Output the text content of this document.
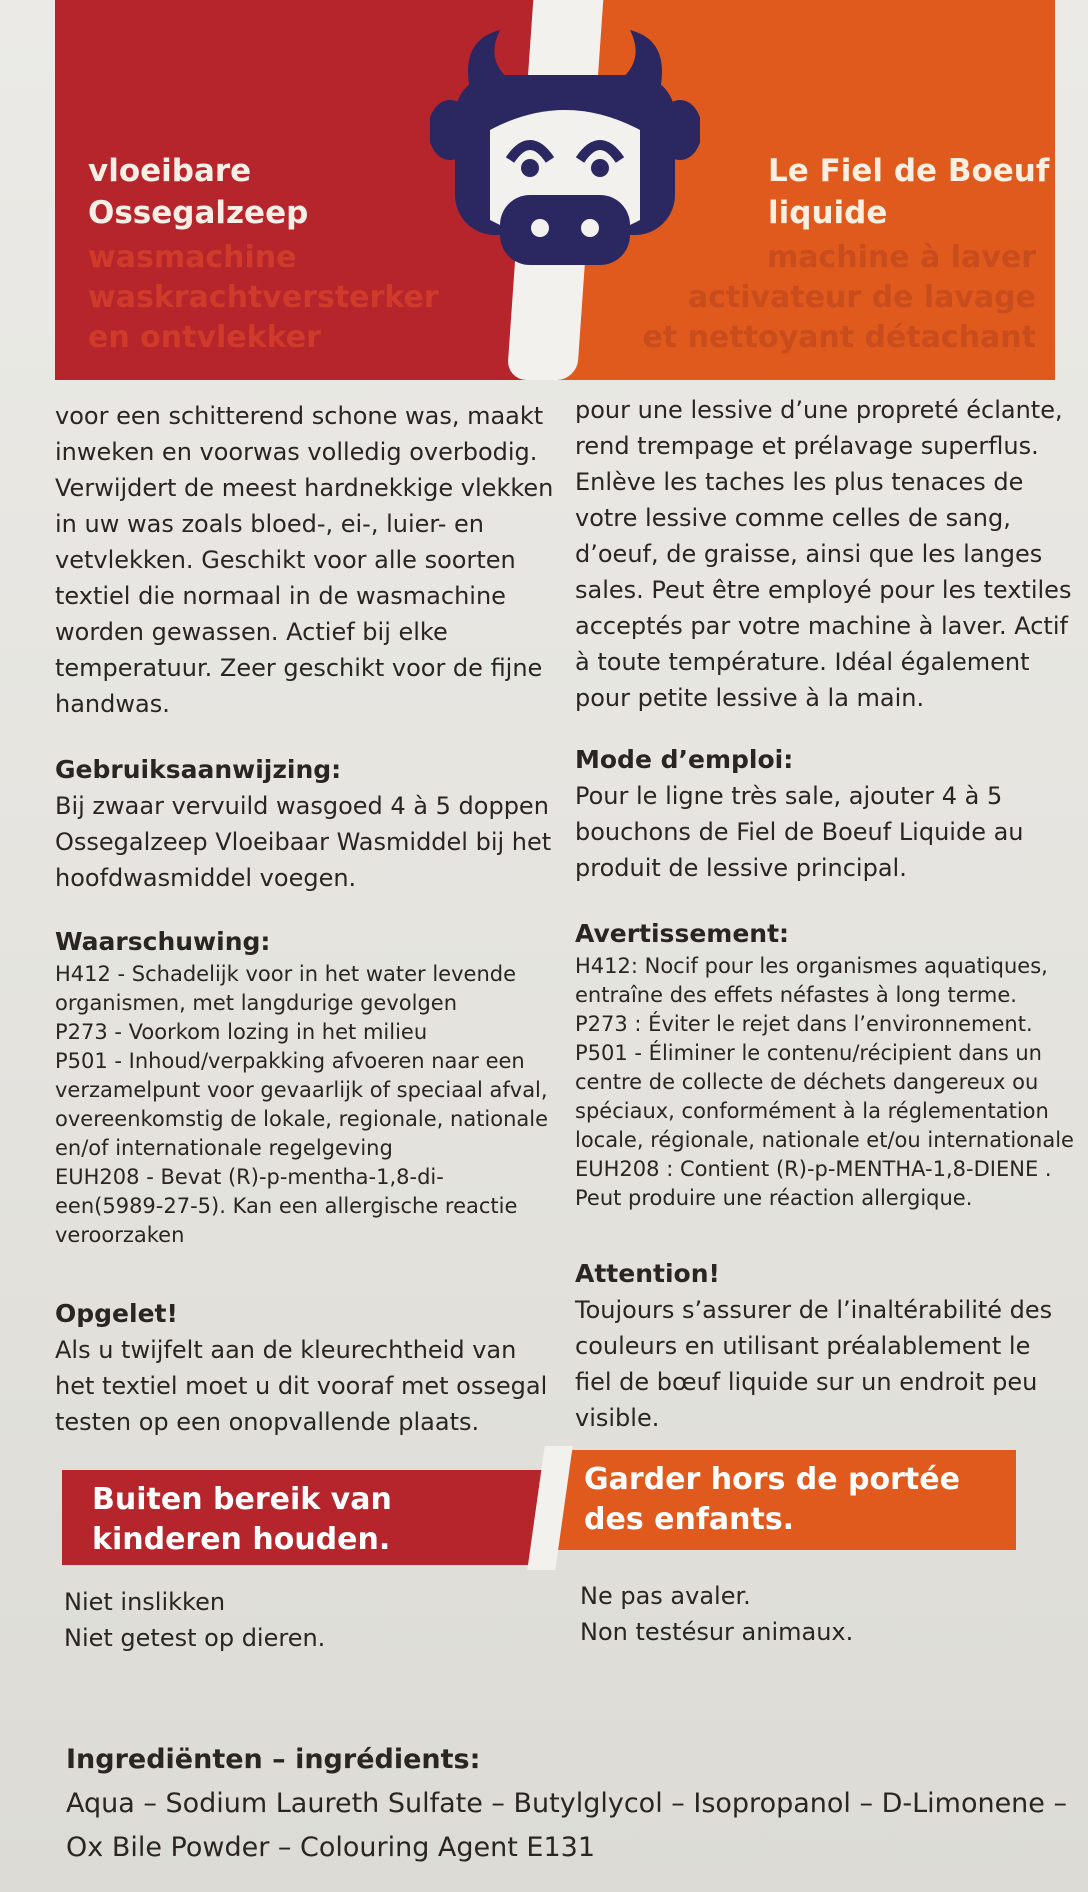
vloeibare
Ossegalzeep
wasmachine
waskrachtversterker
en ontvlekker
Le Fiel de Boeuf
liquide
machine à laver
activateur de lavage
et nettoyant détachant
voor een schitterend schone was, maakt
inweken en voorwas volledig overbodig.
Verwijdert de meest hardnekkige vlekken
in uw was zoals bloed-, ei-, luier- en
vetvlekken. Geschikt voor alle soorten
textiel die normaal in de wasmachine
worden gewassen. Actief bij elke
temperatuur. Zeer geschikt voor de fijne
handwas.
Gebruiksaanwijzing:
Bij zwaar vervuild wasgoed 4 à 5 doppen
Ossegalzeep Vloeibaar Wasmiddel bij het
hoofdwasmiddel voegen.
Waarschuwing:
H412 - Schadelijk voor in het water levende
organismen, met langdurige gevolgen
P273 - Voorkom lozing in het milieu
P501 - Inhoud/verpakking afvoeren naar een
verzamelpunt voor gevaarlijk of speciaal afval,
overeenkomstig de lokale, regionale, nationale
en/of internationale regelgeving
EUH208 - Bevat (R)-p-mentha-1,8-di-
een(5989-27-5). Kan een allergische reactie
veroorzaken
Opgelet!
Als u twijfelt aan de kleurechtheid van
het textiel moet u dit vooraf met ossegal
testen op een onopvallende plaats.
pour une lessive d’une propreté éclante,
rend trempage et prélavage superflus.
Enlève les taches les plus tenaces de
votre lessive comme celles de sang,
d’oeuf, de graisse, ainsi que les langes
sales. Peut être employé pour les textiles
acceptés par votre machine à laver. Actif
à toute température. Idéal également
pour petite lessive à la main.
Mode d’emploi:
Pour le ligne très sale, ajouter 4 à 5
bouchons de Fiel de Boeuf Liquide au
produit de lessive principal.
Avertissement:
H412: Nocif pour les organismes aquatiques,
entraîne des effets néfastes à long terme.
P273 : Éviter le rejet dans l’environnement.
P501 - Éliminer le contenu/récipient dans un
centre de collecte de déchets dangereux ou
spéciaux, conformément à la réglementation
locale, régionale, nationale et/ou internationale
EUH208 : Contient (R)-p-MENTHA-1,8-DIENE .
Peut produire une réaction allergique.
Attention!
Toujours s’assurer de l’inaltérabilité des
couleurs en utilisant préalablement le
fiel de bœuf liquide sur un endroit peu
visible.
Buiten bereik van
kinderen houden.
Garder hors de portée
des enfants.
Niet inslikken
Niet getest op dieren.
Ne pas avaler.
Non testésur animaux.
Ingrediënten – ingrédients:
Aqua – Sodium Laureth Sulfate – Butylglycol – Isopropanol – D-Limonene –
Ox Bile Powder – Colouring Agent E131
